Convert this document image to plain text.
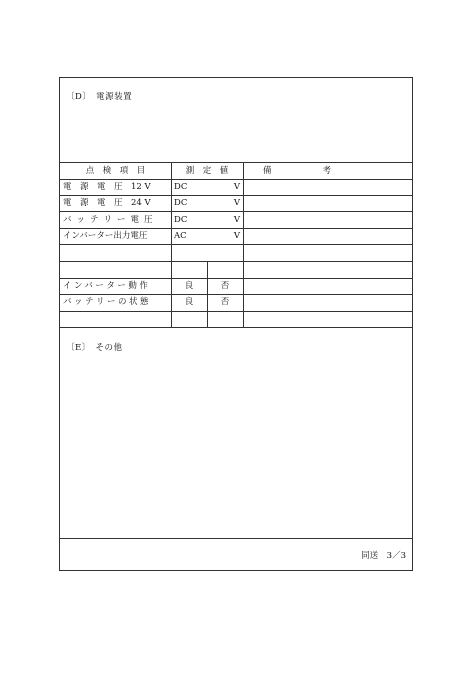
〔D〕　電源装置
点　検　項　目	測　定　値	備　　　　　　考
電　源　電　圧　12 V	DC	V
電　源　電　圧　24 V	DC	V
バッテリー電圧	DC	V
インバーター出力電圧	AC	V
インバーター動作	良	否
バッテリーの状態	良	否
〔E〕　その他
同送　3／3
